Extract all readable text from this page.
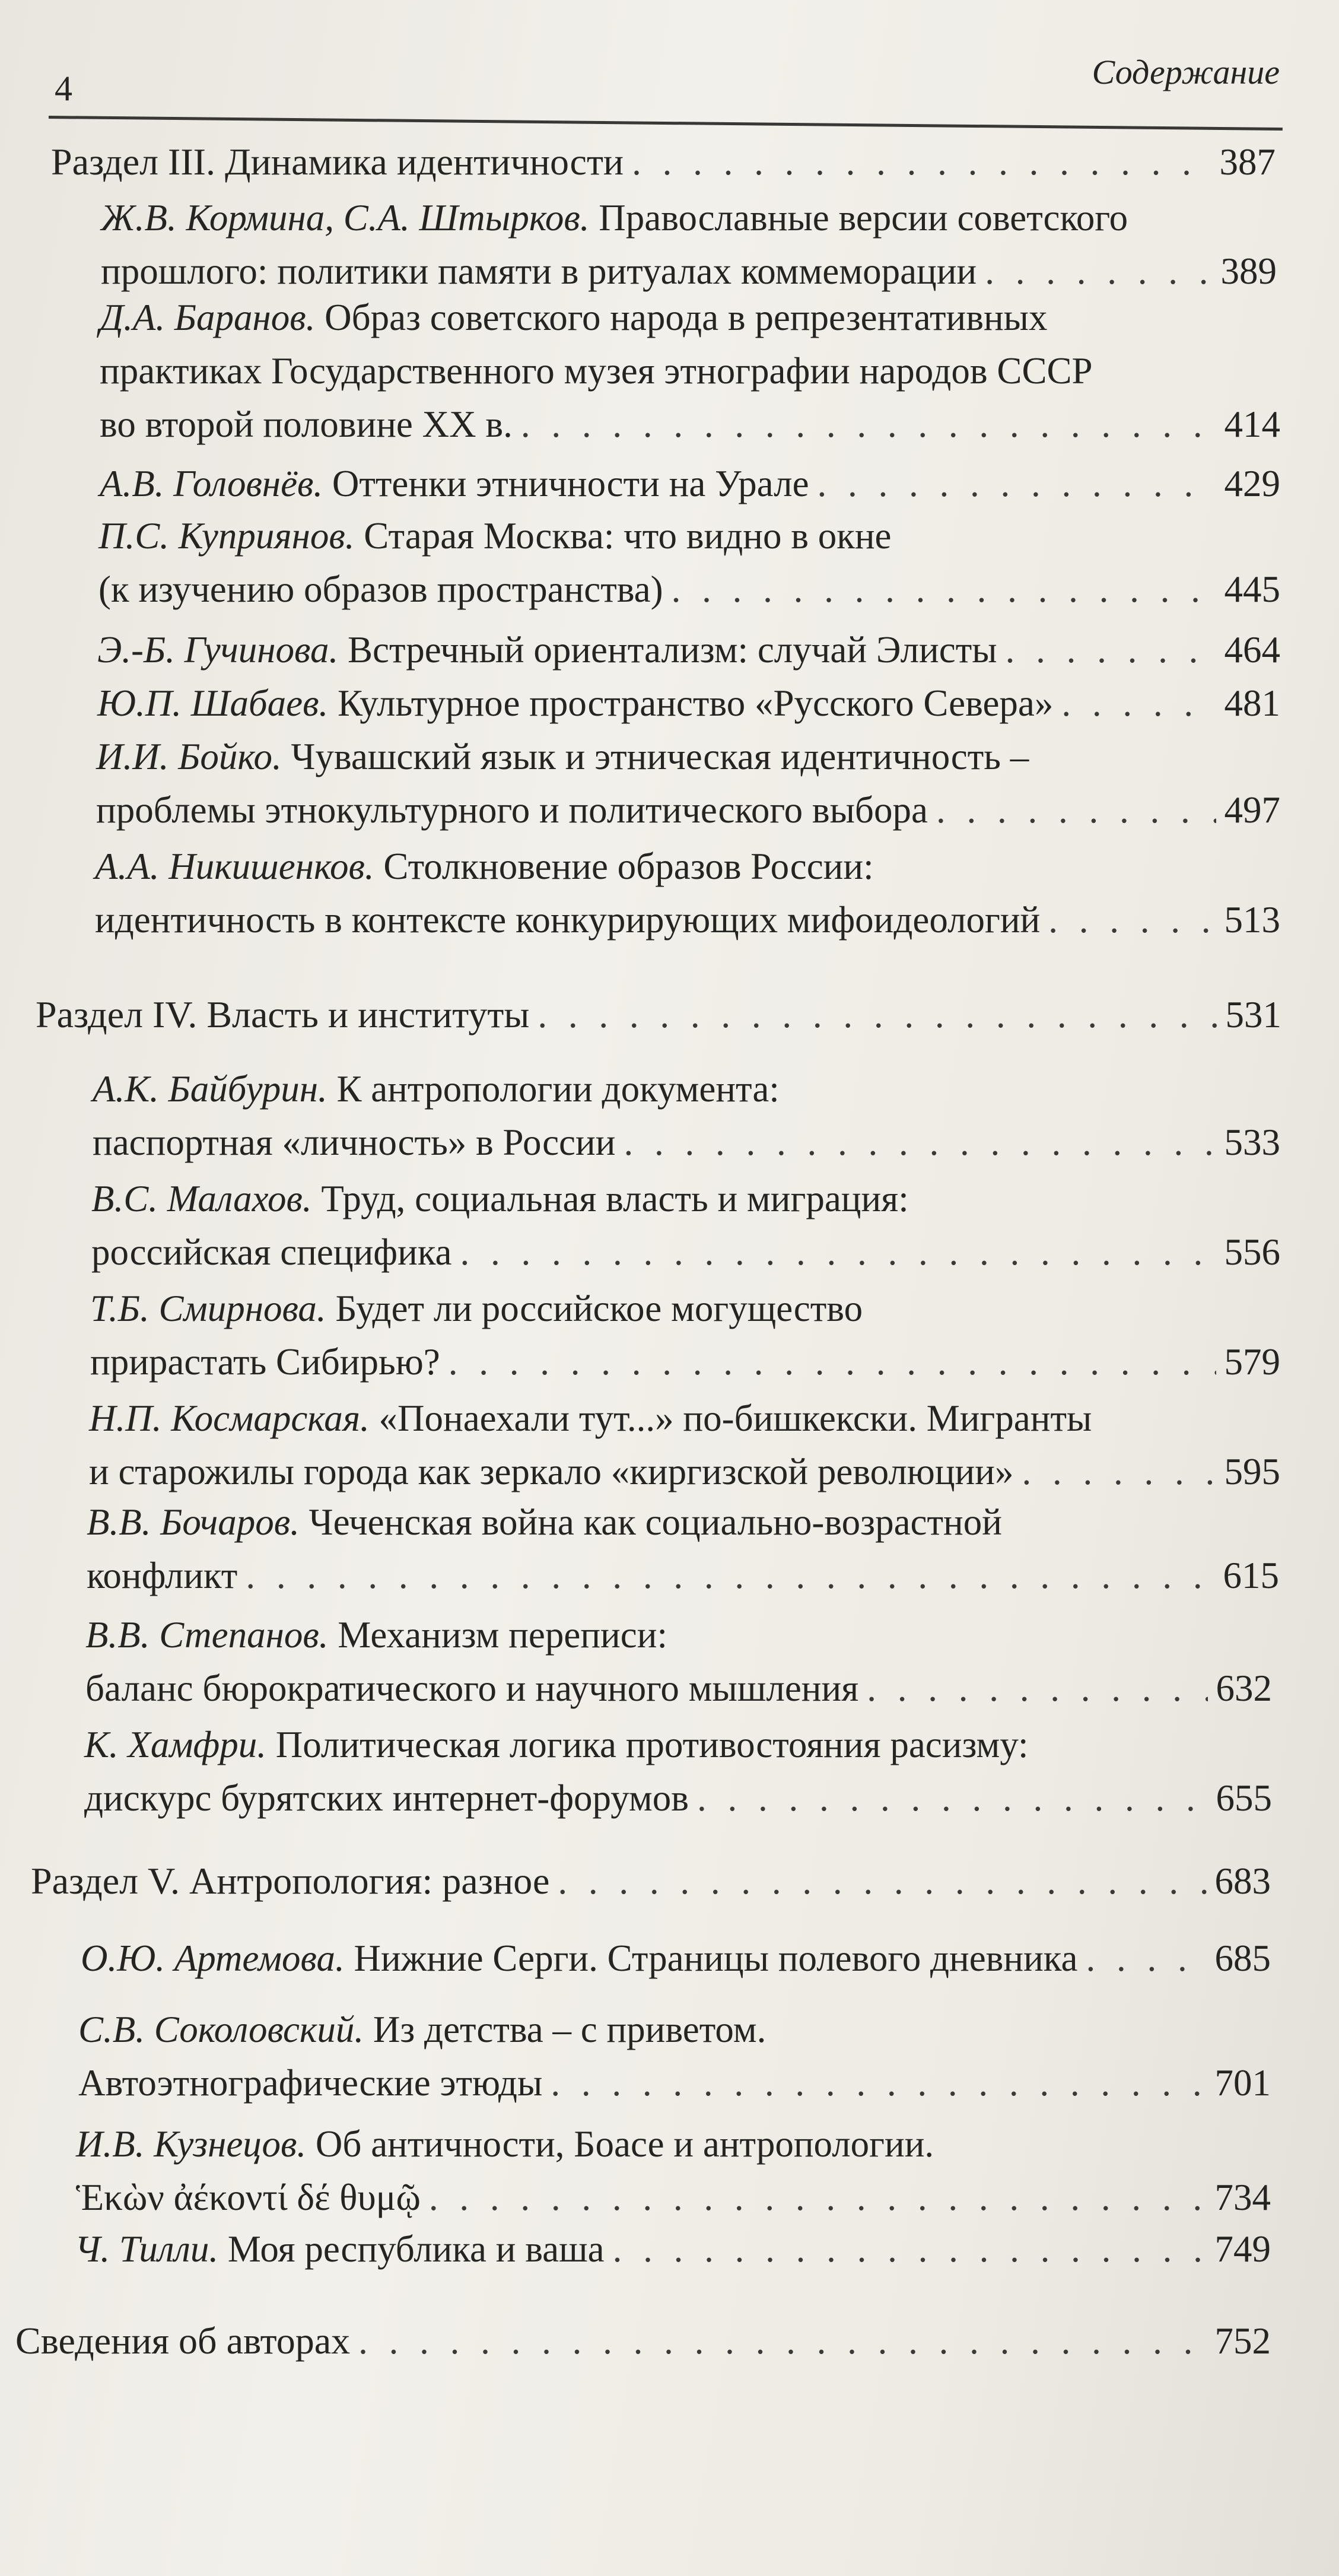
4	Содержание
Раздел III. Динамика идентичности . . .	387
Ж.В. Кормина, С.А. Штырков. Православные версии советского
прошлого: политики памяти в ритуалах коммеморации . . .	389
Д.А. Баранов. Образ советского народа в репрезентативных
практиках Государственного музея этнографии народов СССР
во второй половине XX в. . . .	414
А.В. Головнёв. Оттенки этничности на Урале . . .	429
П.С. Куприянов. Старая Москва: что видно в окне
(к изучению образов пространства) . . .	445
Э.-Б. Гучинова. Встречный ориентализм: случай Элисты . . .	464
Ю.П. Шабаев. Культурное пространство «Русского Севера» . . .	481
И.И. Бойко. Чувашский язык и этническая идентичность –
проблемы этнокультурного и политического выбора . . .	497
А.А. Никишенков. Столкновение образов России:
идентичность в контексте конкурирующих мифоидеологий . . .	513
Раздел IV. Власть и институты . . .	531
А.К. Байбурин. К антропологии документа:
паспортная «личность» в России . . .	533
В.С. Малахов. Труд, социальная власть и миграция:
российская специфика . . .	556
Т.Б. Смирнова. Будет ли российское могущество
прирастать Сибирью? . . .	579
Н.П. Космарская. «Понаехали тут...» по-бишкекски. Мигранты
и старожилы города как зеркало «киргизской революции» . . .	595
В.В. Бочаров. Чеченская война как социально-возрастной
конфликт . . .	615
В.В. Степанов. Механизм переписи:
баланс бюрократического и научного мышления . . .	632
К. Хамфри. Политическая логика противостояния расизму:
дискурс бурятских интернет-форумов . . .	655
Раздел V. Антропология: разное . . .	683
О.Ю. Артемова. Нижние Серги. Страницы полевого дневника . . .	685
С.В. Соколовский. Из детства – с приветом.
Автоэтнографические этюды . . .	701
И.В. Кузнецов. Об античности, Боасе и антропологии.
Ἑκὼν ἀέκοντί δέ θυμῷ . . .	734
Ч. Тилли. Моя республика и ваша . . .	749
Сведения об авторах . . .	752
